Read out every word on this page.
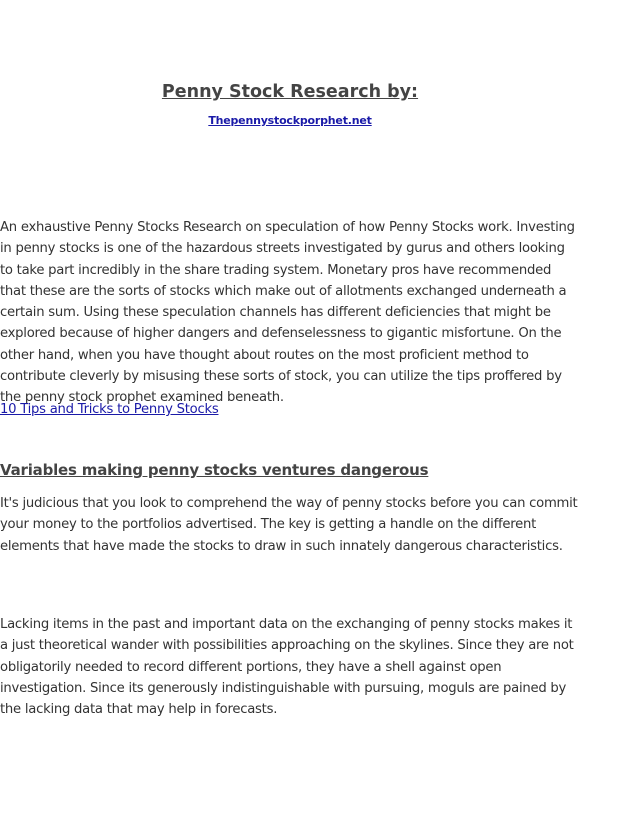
Penny Stock Research by:
Thepennystockporphet.net

An exhaustive Penny Stocks Research on speculation of how Penny Stocks work. Investing in penny stocks is one of the hazardous streets investigated by gurus and others looking to take part incredibly in the share trading system. Monetary pros have recommended that these are the sorts of stocks which make out of allotments exchanged underneath a certain sum. Using these speculation channels has different deficiencies that might be explored because of higher dangers and defenselessness to gigantic misfortune. On the other hand, when you have thought about routes on the most proficient method to contribute cleverly by misusing these sorts of stock, you can utilize the tips proffered by the penny stock prophet examined beneath.

10 Tips and Tricks to Penny Stocks
Variables making penny stocks ventures dangerous

It's judicious that you look to comprehend the way of penny stocks before you can commit your money to the portfolios advertised. The key is getting a handle on the different elements that have made the stocks to draw in such innately dangerous characteristics.

Lacking items in the past and important data on the exchanging of penny stocks makes it a just theoretical wander with possibilities approaching on the skylines. Since they are not obligatorily needed to record different portions, they have a shell against open investigation. Since its generously indistinguishable with pursuing, moguls are pained by the lacking data that may help in forecasts.
